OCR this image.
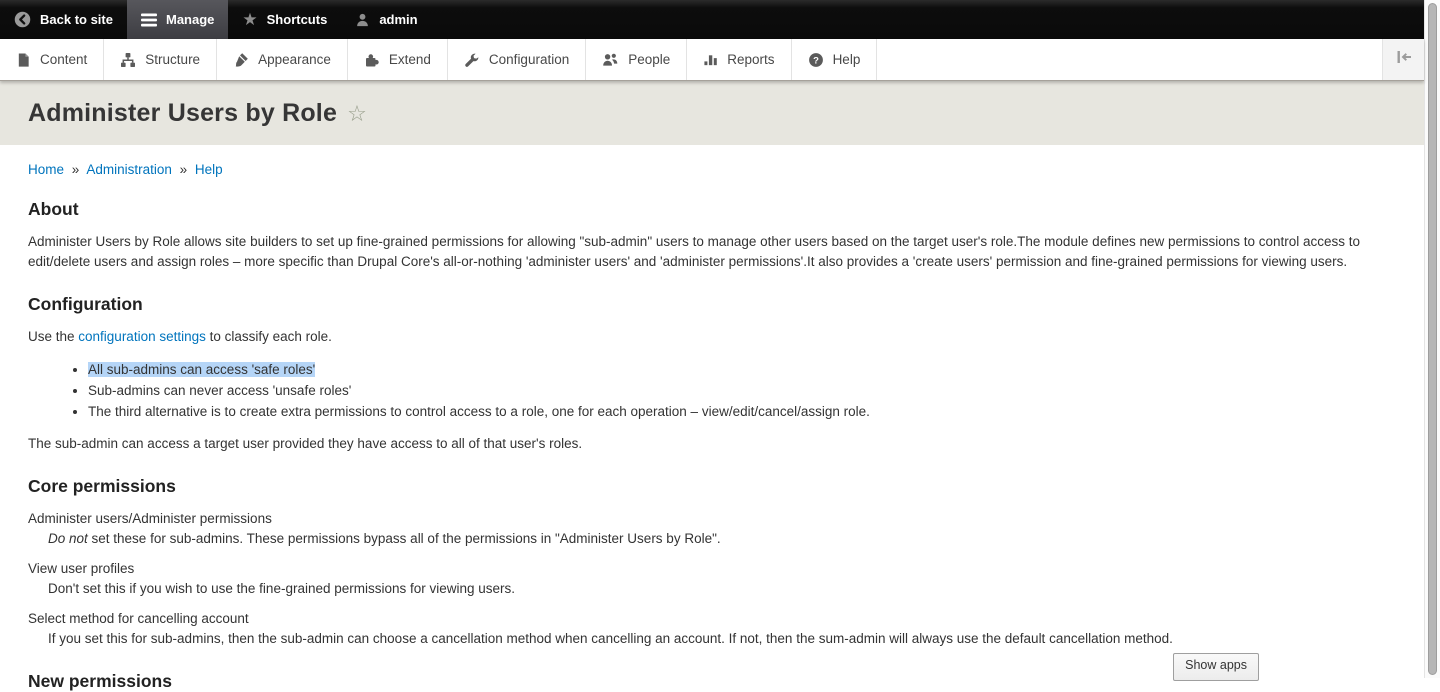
Back to site	Manage ★ Shortcuts	admin
Content	Structure	Appearance	Extend	Configuration	People	Reports	? Help
Administer Users by Role ☆
Home » Administration » Help
About

Administer Users by Role allows site builders to set up fine-grained permissions for allowing "sub-admin" users to manage other users based on the target user's role.The module defines new permissions to control access to edit/delete users and assign roles – more specific than Drupal Core's all-or-nothing 'administer users' and 'administer permissions'.It also provides a 'create users' permission and fine-grained permissions for viewing users.

Configuration

Use the configuration settings to classify each role.

• All sub-admins can access 'safe roles'
• Sub-admins can never access 'unsafe roles'
• The third alternative is to create extra permissions to control access to a role, one for each operation – view/edit/cancel/assign role.

The sub-admin can access a target user provided they have access to all of that user's roles.

Core permissions
Administer users/Administer permissions
Do not set these for sub-admins. These permissions bypass all of the permissions in "Administer Users by Role".
View user profiles
Don't set this if you wish to use the fine-grained permissions for viewing users.
Select method for cancelling account
If you set this for sub-admins, then the sub-admin can choose a cancellation method when cancelling an account. If not, then the sum-admin will always use the default cancellation method.
New permissions
Show apps
